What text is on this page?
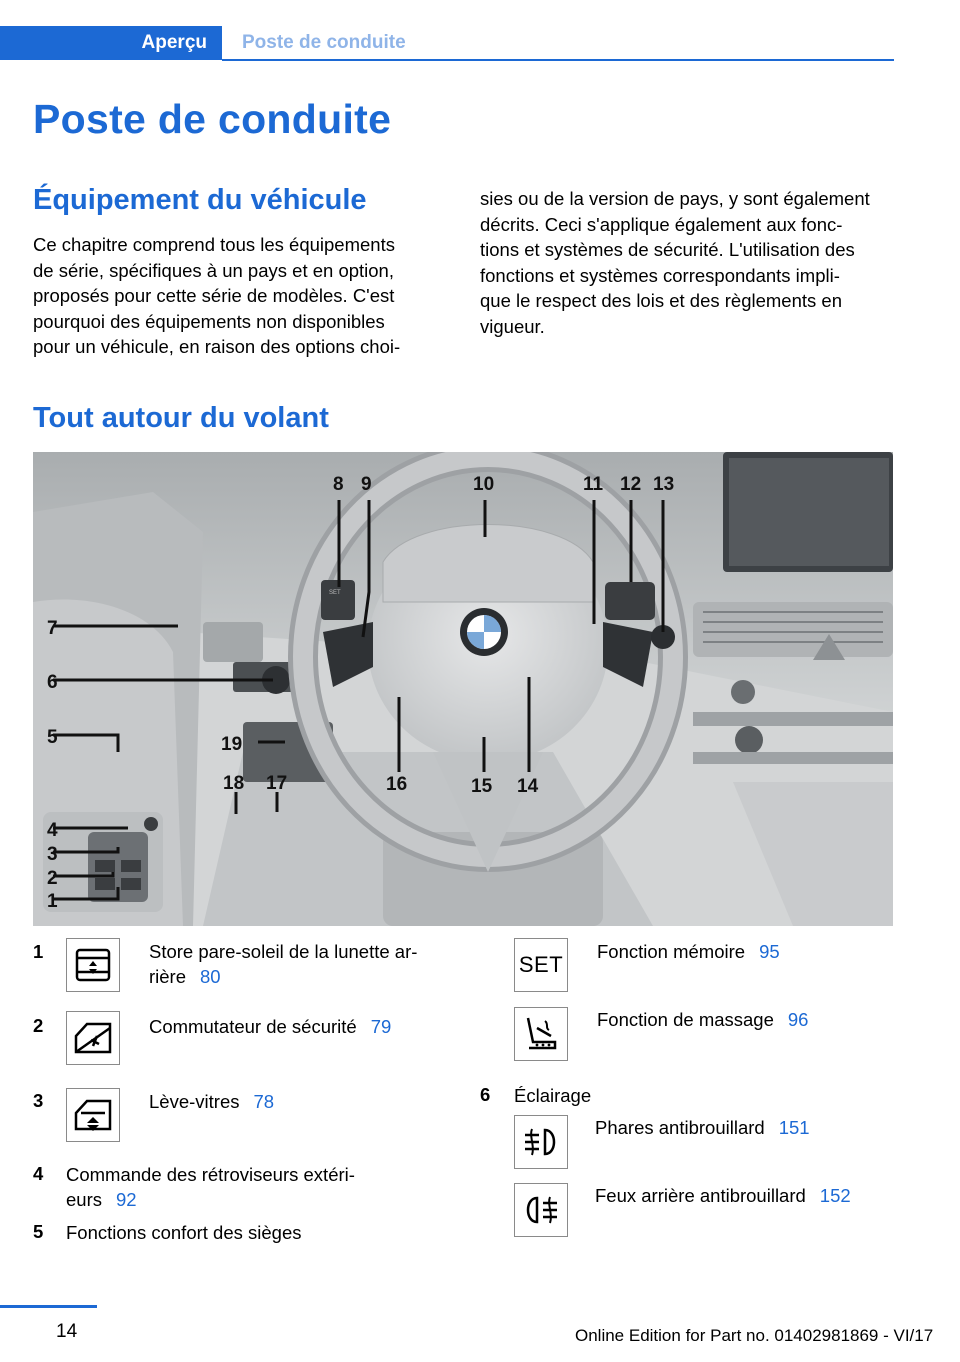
Aperçu	Poste de conduite
Poste de conduite
Équipement du véhicule
Ce chapitre comprend tous les équipements
de série, spécifiques à un pays et en option,
proposés pour cette série de modèles. C'est
pourquoi des équipements non disponibles
pour un véhicule, en raison des options choi-
sies ou de la version de pays, y sont également
décrits. Ceci s'applique également aux fonc-
tions et systèmes de sécurité. L'utilisation des
fonctions et systèmes correspondants impli-
que le respect des lois et des règlements en
vigueur.
Tout autour du volant
SET
7
6
5
4
3
2
1
8 9	10	11 12 13
19
18 17	16	15 14
1	Store pare-soleil de la lunette ar-
rière 80
2	Commutateur de sécurité 79
3	Lève-vitres 78
4 Commande des rétroviseurs extéri-
eurs 92
5 Fonctions confort des sièges
SET
Fonction mémoire 95
Fonction de massage 96
6 Éclairage
Phares antibrouillard 151
Feux arrière antibrouillard 152
14	Online Edition for Part no. 01402981869 - VI/17
